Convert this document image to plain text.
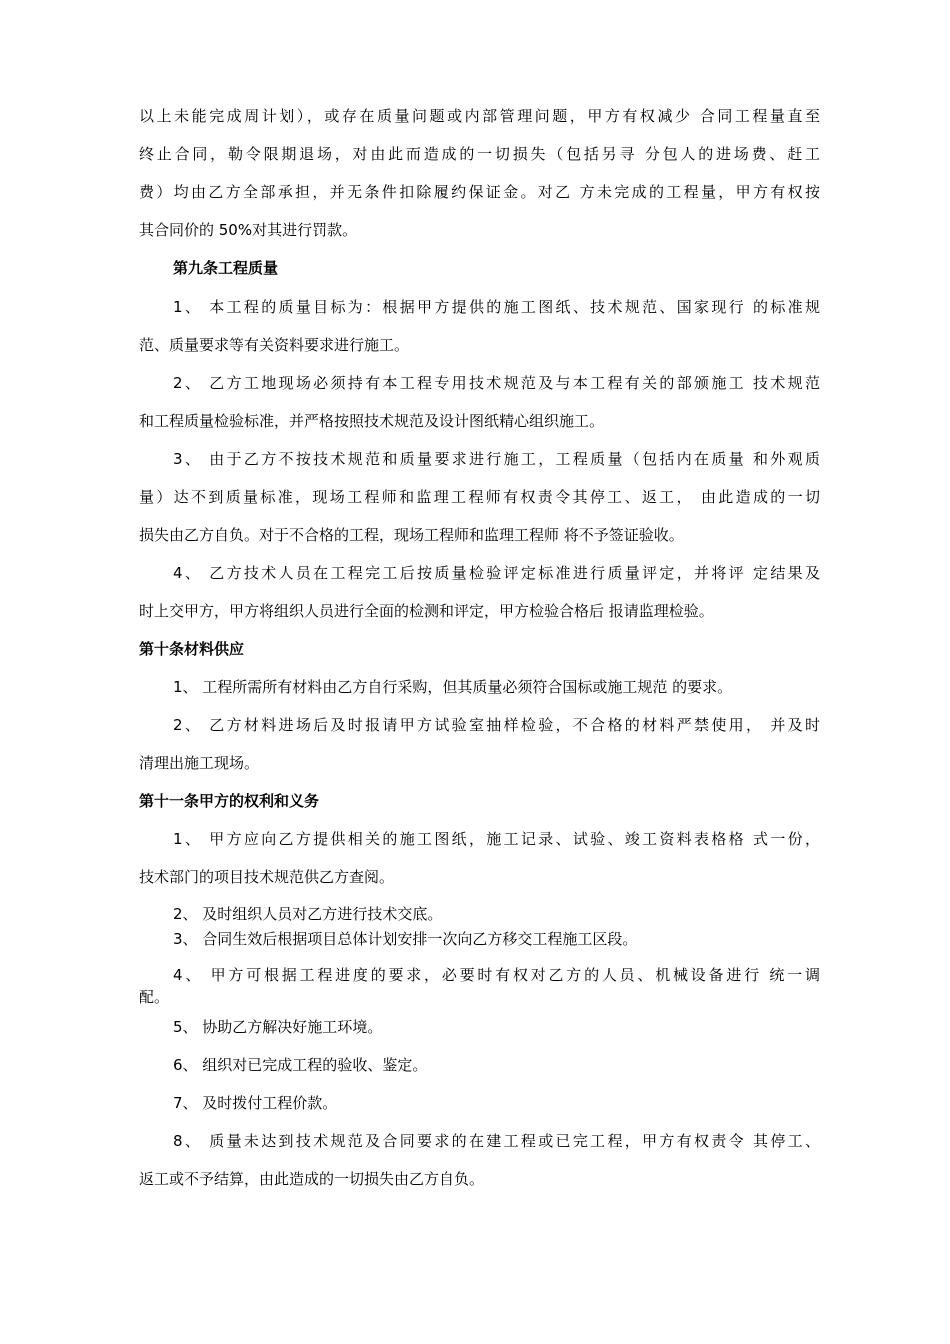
以上未能完成周计划），或存在质量问题或内部管理问题，甲方有权减少 合同工程量直至

终止合同，勒令限期退场，对由此而造成的一切损失（包括另寻 分包人的进场费、赶工

费）均由乙方全部承担，并无条件扣除履约保证金。对乙 方未完成的工程量，甲方有权按

其合同价的 50%对其进行罚款。

第九条工程质量

1、 本工程的质量目标为：根据甲方提供的施工图纸、技术规范、国家现行 的标准规

范、质量要求等有关资料要求进行施工。

2、 乙方工地现场必须持有本工程专用技术规范及与本工程有关的部颁施工 技术规范

和工程质量检验标准，并严格按照技术规范及设计图纸精心组织施工。

3、 由于乙方不按技术规范和质量要求进行施工，工程质量（包括内在质量 和外观质

量）达不到质量标准，现场工程师和监理工程师有权责令其停工、返工， 由此造成的一切

损失由乙方自负。对于不合格的工程，现场工程师和监理工程师 将不予签证验收。

4、 乙方技术人员在工程完工后按质量检验评定标准进行质量评定，并将评 定结果及

时上交甲方，甲方将组织人员进行全面的检测和评定，甲方检验合格后 报请监理检验。

第十条材料供应

1、 工程所需所有材料由乙方自行采购，但其质量必须符合国标或施工规范 的要求。

2、 乙方材料进场后及时报请甲方试验室抽样检验，不合格的材料严禁使用， 并及时

清理出施工现场。

第十一条甲方的权利和义务

1、 甲方应向乙方提供相关的施工图纸，施工记录、试验、竣工资料表格格 式一份，

技术部门的项目技术规范供乙方查阅。

2、 及时组织人员对乙方进行技术交底。

3、 合同生效后根据项目总体计划安排一次向乙方移交工程施工区段。

4、 甲方可根据工程进度的要求，必要时有权对乙方的人员、机械设备进行 统一调

配。

5、 协助乙方解决好施工环境。

6、 组织对已完成工程的验收、鉴定。

7、 及时拨付工程价款。

8、 质量未达到技术规范及合同要求的在建工程或已完工程，甲方有权责令 其停工、

返工或不予结算，由此造成的一切损失由乙方自负。
